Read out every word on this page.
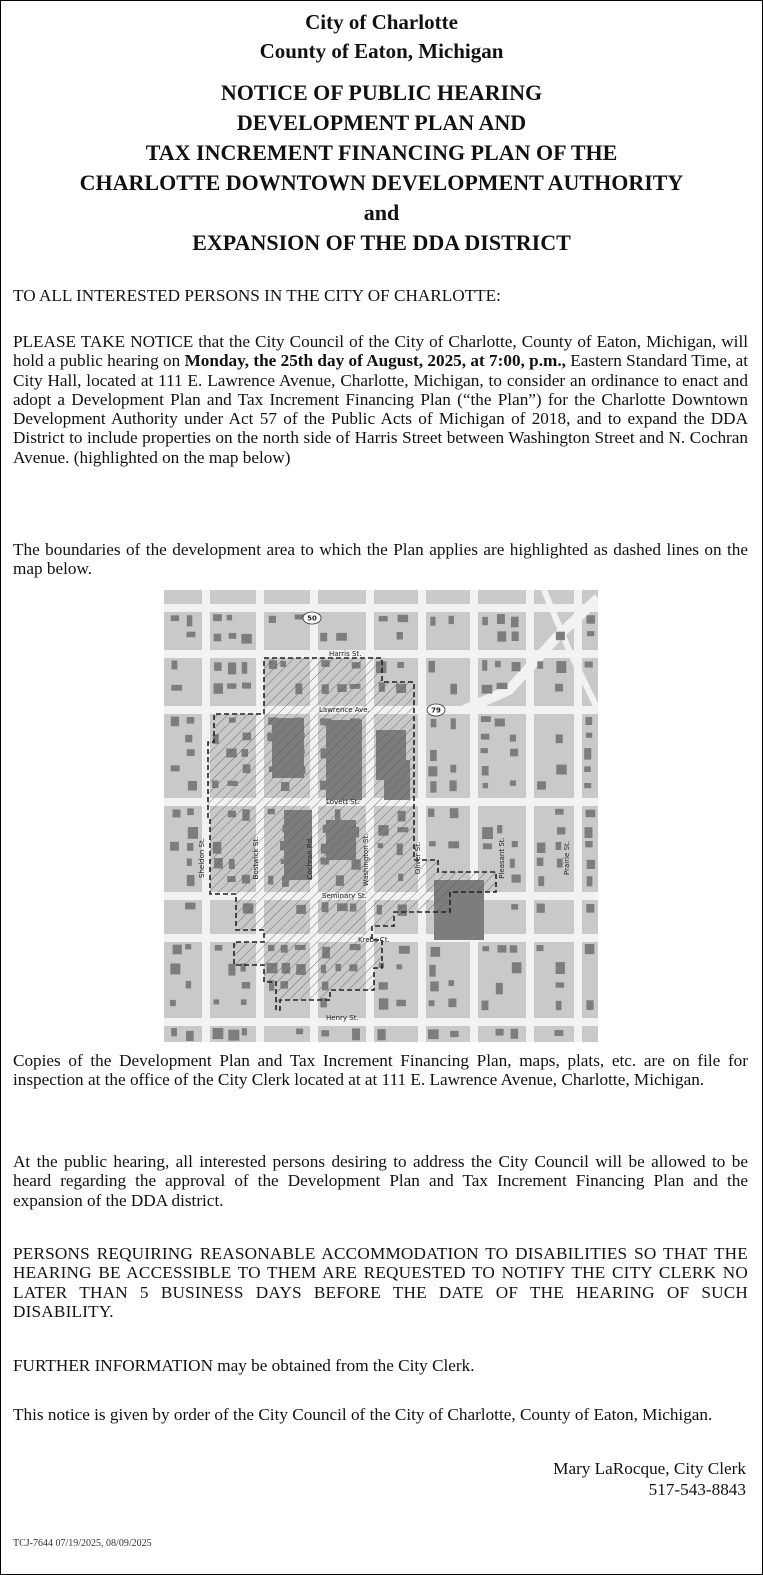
City of Charlotte
County of Eaton, Michigan
NOTICE OF PUBLIC HEARING
DEVELOPMENT PLAN AND
TAX INCREMENT FINANCING PLAN OF THE
CHARLOTTE DOWNTOWN DEVELOPMENT AUTHORITY
and
EXPANSION OF THE DDA DISTRICT
TO ALL INTERESTED PERSONS IN THE CITY OF CHARLOTTE:
PLEASE TAKE NOTICE that the City Council of the City of Charlotte, County of Eaton, Michigan, will hold a public hearing on Monday, the 25th day of August, 2025, at 7:00, p.m., Eastern Standard Time, at City Hall, located at 111 E. Lawrence Avenue, Charlotte, Michigan, to consider an ordinance to enact and adopt a Development Plan and Tax Increment Financing Plan (“the Plan”) for the Charlotte Downtown Development Authority under Act 57 of the Public Acts of Michigan of 2018, and to expand the DDA District to include properties on the north side of Harris Street between Washington Street and N. Cochran Avenue. (highlighted on the map below)
The boundaries of the development area to which the Plan applies are highlighted as dashed lines on the map below.
Harris St.
Lawrence Ave.
Lovett St.
Seminary St.
Krebs Ct.
Henry St.
Sheldon St.	Bostwick St.	Cochran Rd.	Washington St.	Oliver St.	Pleasant St.	Prairie St.
50
79
Copies of the Development Plan and Tax Increment Financing Plan, maps, plats, etc. are on file for inspection at the office of the City Clerk located at at 111 E. Lawrence Avenue, Charlotte, Michigan.
At the public hearing, all interested persons desiring to address the City Council will be allowed to be heard regarding the approval of the Development Plan and Tax Increment Financing Plan and the expansion of the DDA district.
PERSONS REQUIRING REASONABLE ACCOMMODATION TO DISABILITIES SO THAT THE HEARING BE ACCESSIBLE TO THEM ARE REQUESTED TO NOTIFY THE CITY CLERK NO LATER THAN 5 BUSINESS DAYS BEFORE THE DATE OF THE HEARING OF SUCH DISABILITY.
FURTHER INFORMATION may be obtained from the City Clerk.
This notice is given by order of the City Council of the City of Charlotte, County of Eaton, Michigan.
Mary LaRocque, City Clerk
517-543-8843
TCJ-7644 07/19/2025, 08/09/2025
